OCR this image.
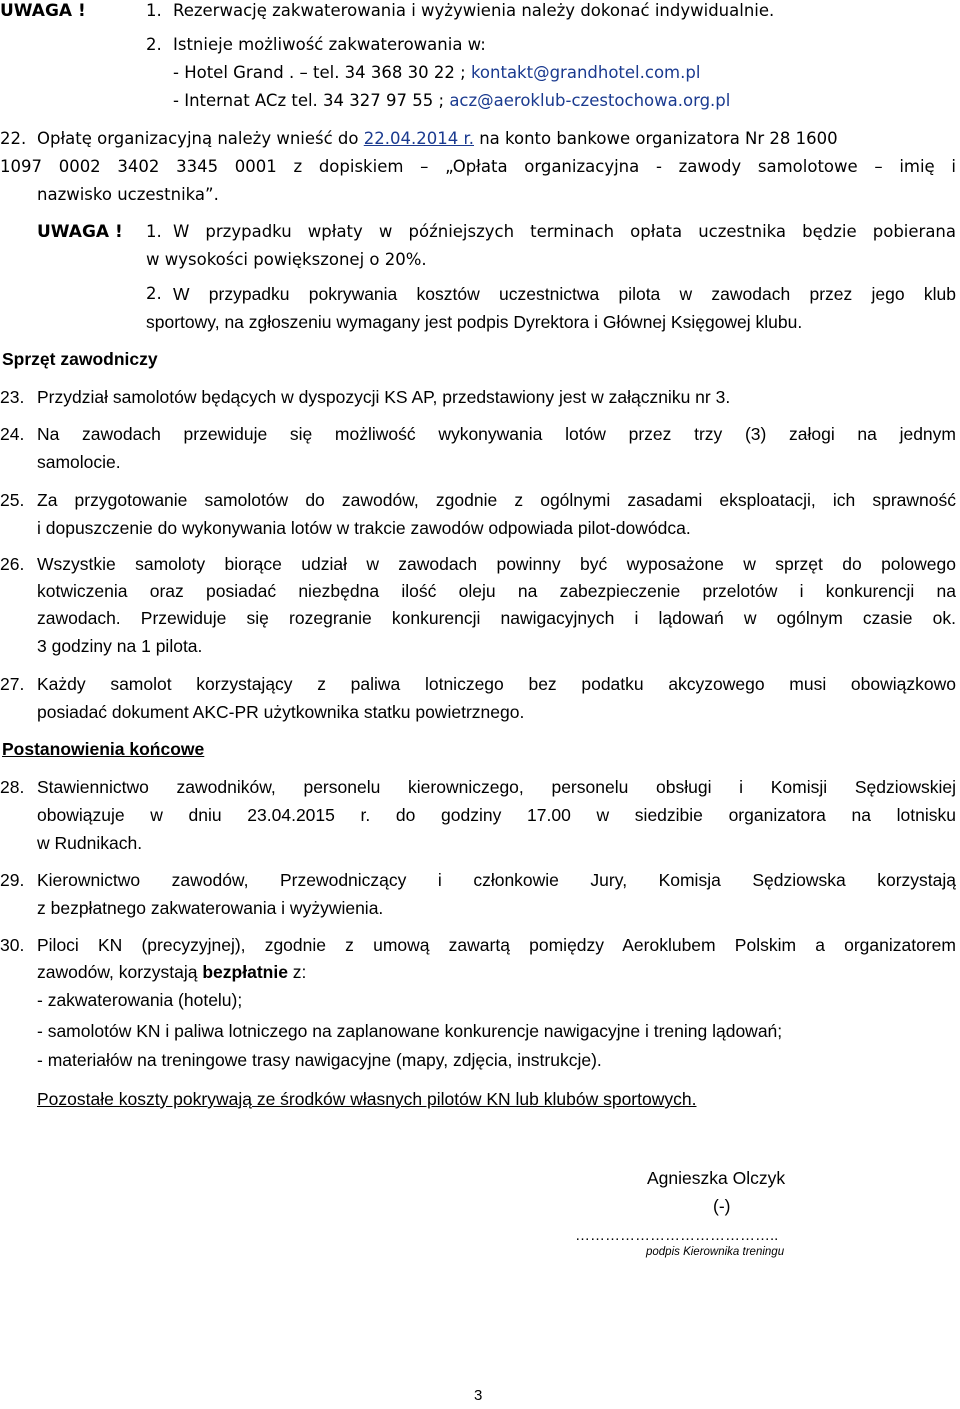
UWAGA !	1. Rezerwację zakwaterowania i wyżywienia należy dokonać indywidualnie.
2. Istnieje możliwość zakwaterowania w:
- Hotel Grand . – tel. 34 368 30 22 ; kontakt@grandhotel.com.pl
- Internat ACz tel. 34 327 97 55 ; acz@aeroklub-czestochowa.org.pl
22. Opłatę organizacyjną należy wnieść do 22.04.2014 r. na konto bankowe organizatora Nr 28 1600
1097 0002 3402 3345 0001 z dopiskiem – „Opłata organizacyjna - zawody samolotowe – imię i
nazwisko uczestnika”.
UWAGA ! 1. W przypadku wpłaty w późniejszych terminach opłata uczestnika będzie pobierana
w wysokości powiększonej o 20%.
2. W przypadku pokrywania kosztów uczestnictwa pilota w zawodach przez jego klub
sportowy, na zgłoszeniu wymagany jest podpis Dyrektora i Głównej Księgowej klubu.
Sprzęt zawodniczy
23. Przydział samolotów będących w dyspozycji KS AP, przedstawiony jest w załączniku nr 3.
24. Na zawodach przewiduje się możliwość wykonywania lotów przez trzy (3) załogi na jednym
samolocie.
25. Za przygotowanie samolotów do zawodów, zgodnie z ogólnymi zasadami eksploatacji, ich sprawność
i dopuszczenie do wykonywania lotów w trakcie zawodów odpowiada pilot-dowódca.
26. Wszystkie samoloty biorące udział w zawodach powinny być wyposażone w sprzęt do polowego
kotwiczenia oraz posiadać niezbędna ilość oleju na zabezpieczenie przelotów i konkurencji na
zawodach. Przewiduje się rozegranie konkurencji nawigacyjnych i lądowań w ogólnym czasie ok.
3 godziny na 1 pilota.
27. Każdy samolot korzystający z paliwa lotniczego bez podatku akcyzowego musi obowiązkowo
posiadać dokument AKC-PR użytkownika statku powietrznego.
Postanowienia końcowe
28. Stawiennictwo zawodników, personelu kierowniczego, personelu obsługi i Komisji Sędziowskiej
obowiązuje w dniu 23.04.2015 r. do godziny 17.00 w siedzibie organizatora na lotnisku
w Rudnikach.
29. Kierownictwo zawodów, Przewodniczący i członkowie Jury, Komisja Sędziowska korzystają
z bezpłatnego zakwaterowania i wyżywienia.
30. Piloci KN (precyzyjnej), zgodnie z umową zawartą pomiędzy Aeroklubem Polskim a organizatorem
zawodów, korzystają bezpłatnie z:
- zakwaterowania (hotelu);
- samolotów KN i paliwa lotniczego na zaplanowane konkurencje nawigacyjne i trening lądowań;
- materiałów na treningowe trasy nawigacyjne (mapy, zdjęcia, instrukcje).
Pozostałe koszty pokrywają ze środków własnych pilotów KN lub klubów sportowych.
Agnieszka Olczyk
(-)
…………………………………..
podpis Kierownika treningu
3
